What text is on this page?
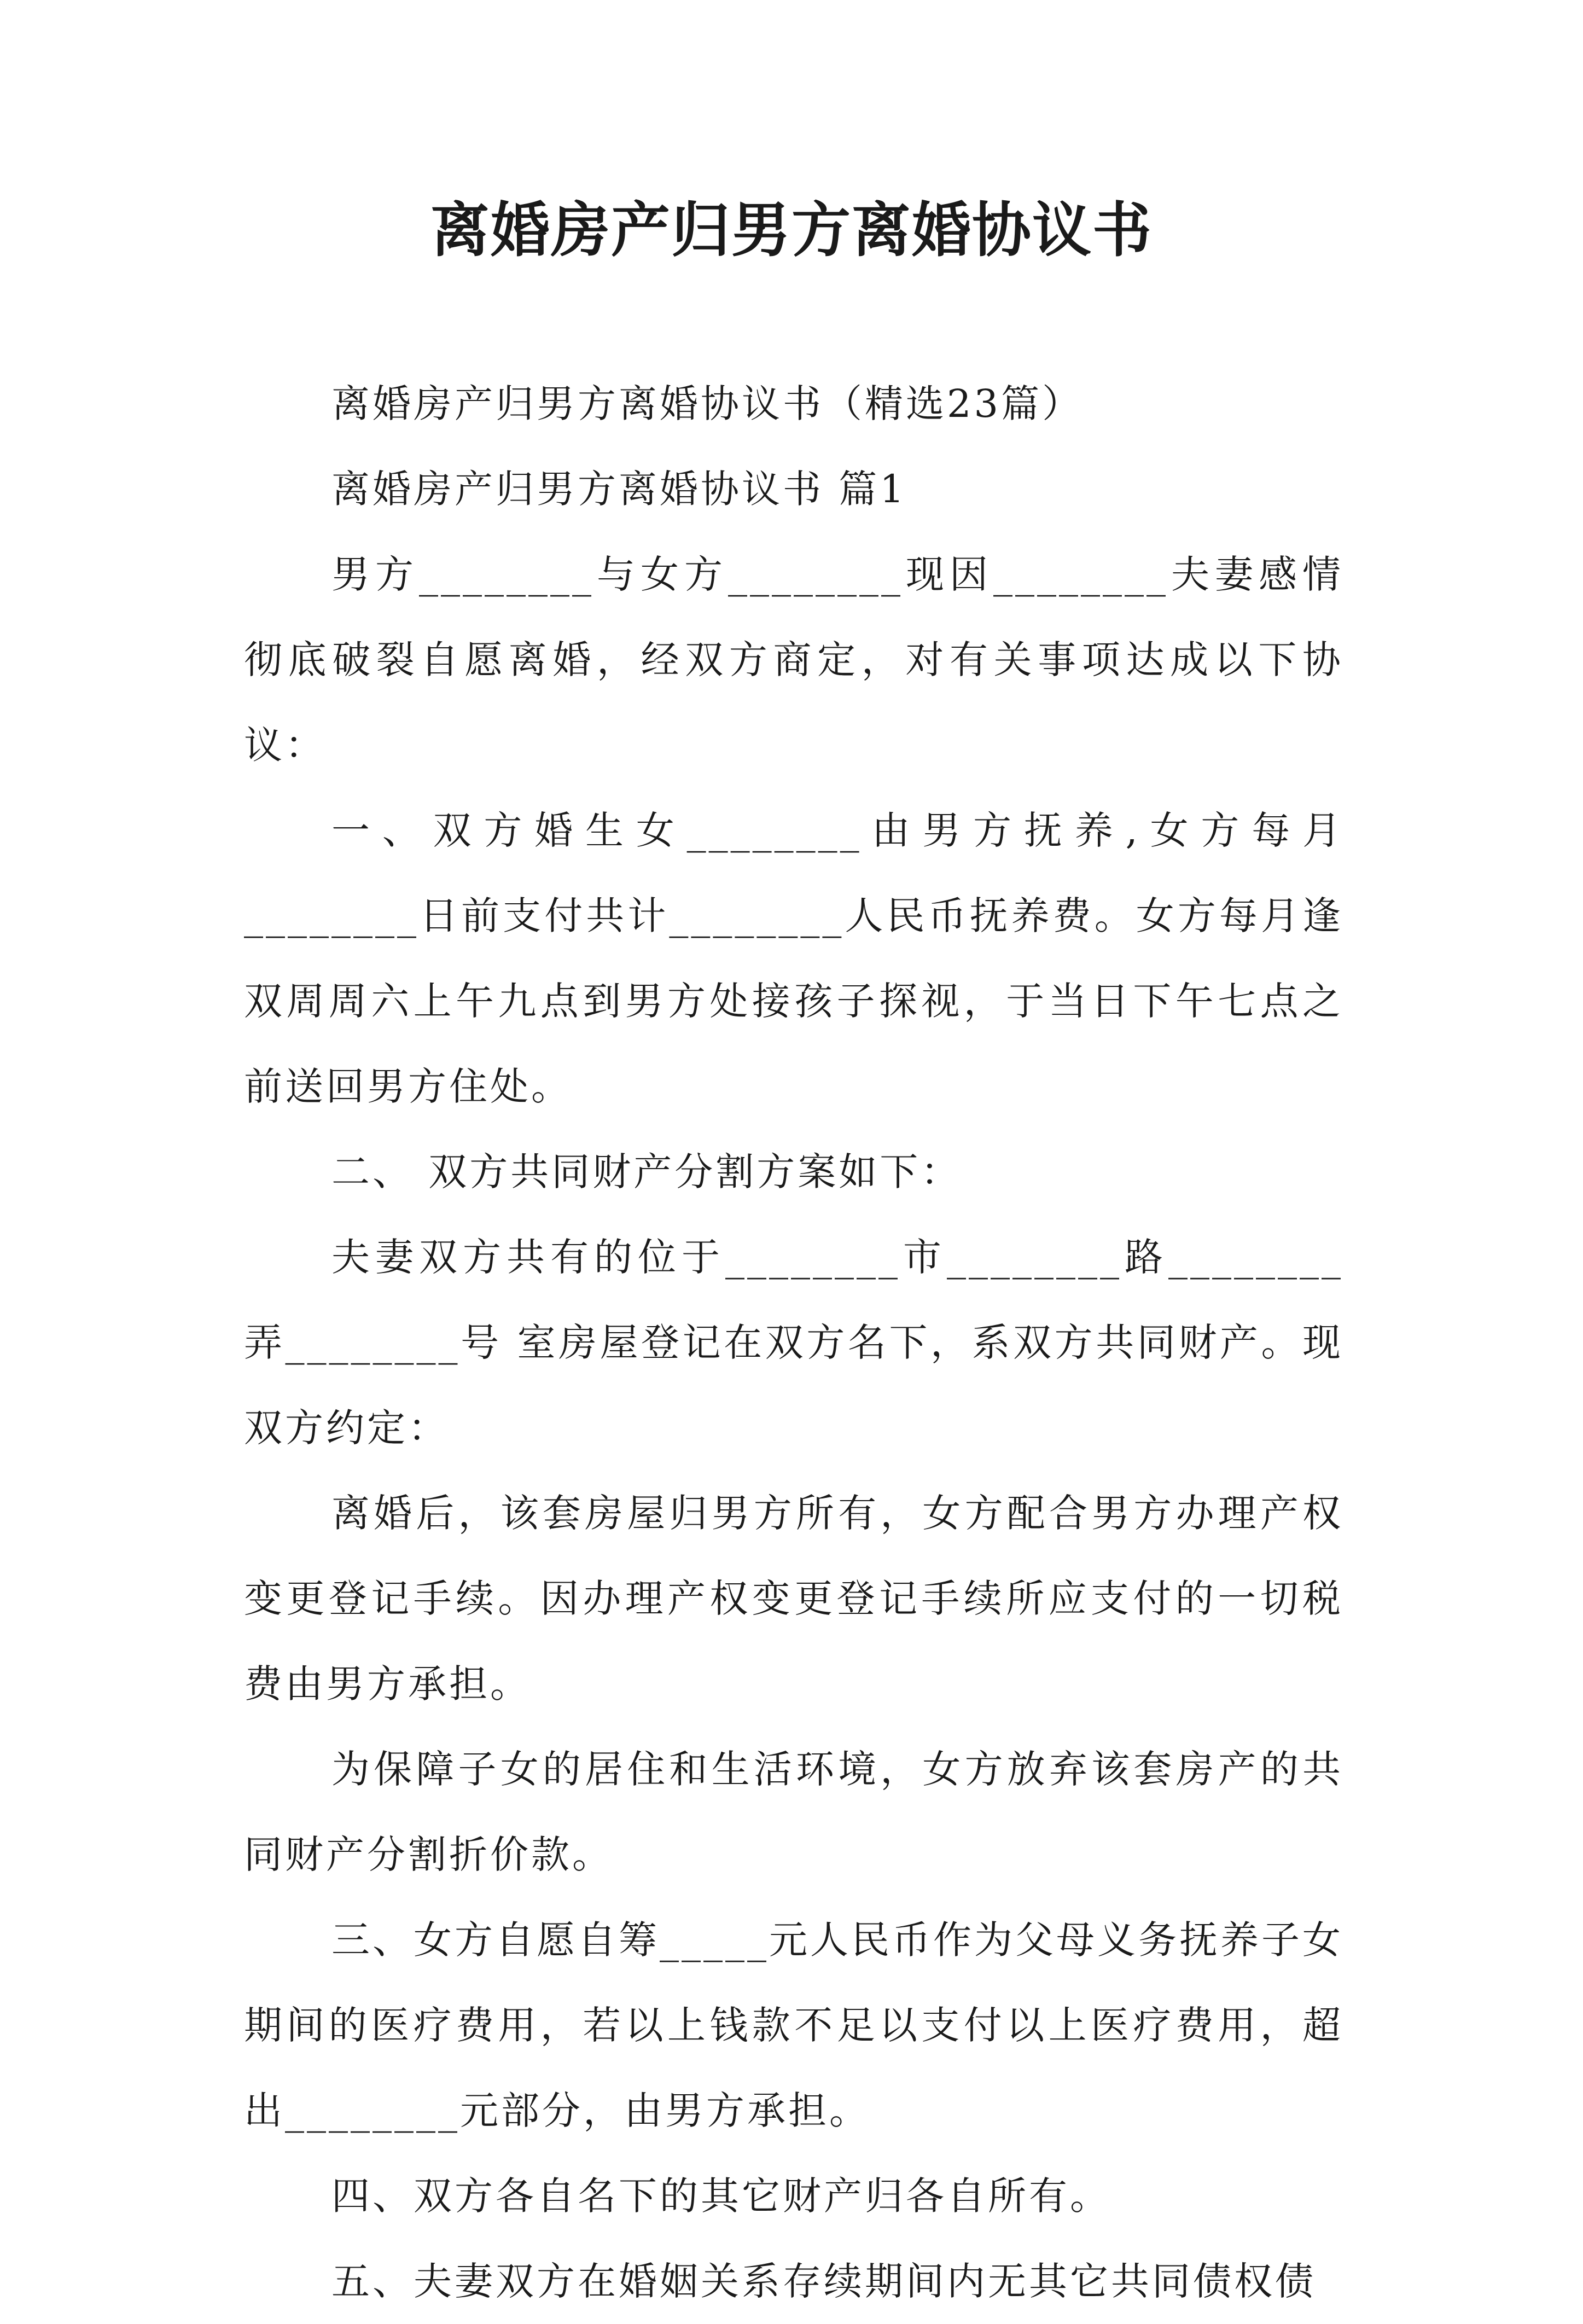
离婚房产归男方离婚协议书

离婚房产归男方离婚协议书（精选23篇）

离婚房产归男方离婚协议书 篇1

男方________与女方________现因________夫妻感情彻底破裂自愿离婚，经双方商定，对有关事项达成以下协议：

一、双方婚生女________由男方抚养,女方每月________日前支付共计________人民币抚养费。女方每月逢双周周六上午九点到男方处接孩子探视，于当日下午七点之前送回男方住处。

二、 双方共同财产分割方案如下：

夫妻双方共有的位于________市________路________弄________号 室房屋登记在双方名下，系双方共同财产。现双方约定：

离婚后，该套房屋归男方所有，女方配合男方办理产权变更登记手续。因办理产权变更登记手续所应支付的一切税费由男方承担。

为保障子女的居住和生活环境，女方放弃该套房产的共同财产分割折价款。

三、女方自愿自筹_____元人民币作为父母义务抚养子女期间的医疗费用，若以上钱款不足以支付以上医疗费用，超出________元部分，由男方承担。

四、双方各自名下的其它财产归各自所有。

五、夫妻双方在婚姻关系存续期间内无其它共同债权债
